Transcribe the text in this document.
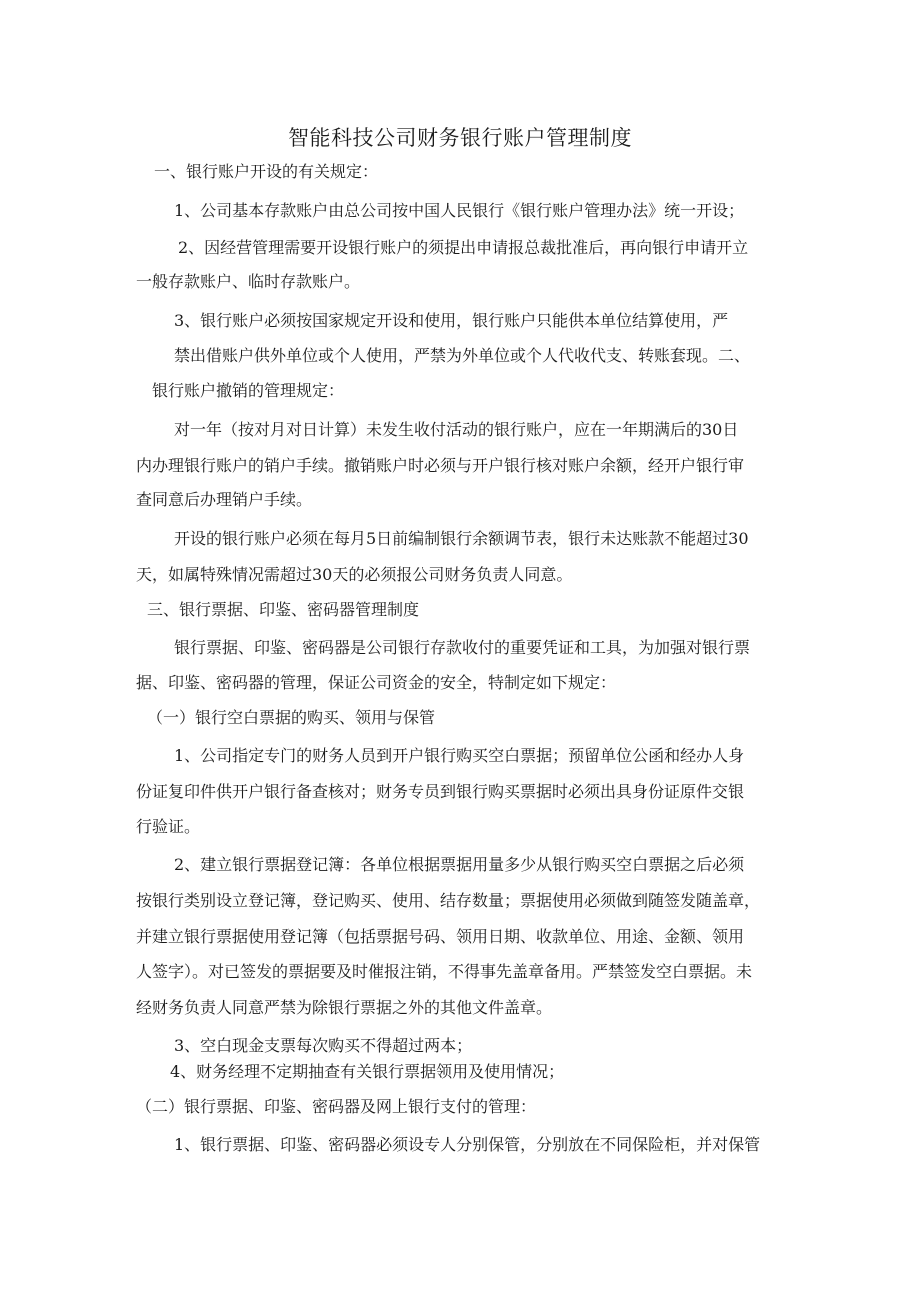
智能科技公司财务银行账户管理制度
一、银行账户开设的有关规定：
1、公司基本存款账户由总公司按中国人民银行《银行账户管理办法》统一开设；
2、因经营管理需要开设银行账户的须提出申请报总裁批准后，再向银行申请开立
一般存款账户、临时存款账户。
3、银行账户必须按国家规定开设和使用，银行账户只能供本单位结算使用，严
禁出借账户供外单位或个人使用，严禁为外单位或个人代收代支、转账套现。二、
银行账户撤销的管理规定：
对一年（按对月对日计算）未发生收付活动的银行账户，应在一年期满后的30日
内办理银行账户的销户手续。撤销账户时必须与开户银行核对账户余额，经开户银行审
查同意后办理销户手续。
开设的银行账户必须在每月5日前编制银行余额调节表，银行未达账款不能超过30
天，如属特殊情况需超过30天的必须报公司财务负责人同意。
三、银行票据、印鉴、密码器管理制度
银行票据、印鉴、密码器是公司银行存款收付的重要凭证和工具，为加强对银行票
据、印鉴、密码器的管理，保证公司资金的安全，特制定如下规定：
（一）银行空白票据的购买、领用与保管
1、公司指定专门的财务人员到开户银行购买空白票据；预留单位公函和经办人身
份证复印件供开户银行备查核对；财务专员到银行购买票据时必须出具身份证原件交银
行验证。
2、建立银行票据登记簿：各单位根据票据用量多少从银行购买空白票据之后必须
按银行类别设立登记簿，登记购买、使用、结存数量；票据使用必须做到随签发随盖章，
并建立银行票据使用登记簿（包括票据号码、领用日期、收款单位、用途、金额、领用
人签字）。对已签发的票据要及时催报注销，不得事先盖章备用。严禁签发空白票据。未
经财务负责人同意严禁为除银行票据之外的其他文件盖章。
3、空白现金支票每次购买不得超过两本；
4、财务经理不定期抽查有关银行票据领用及使用情况；
（二）银行票据、印鉴、密码器及网上银行支付的管理：
1、银行票据、印鉴、密码器必须设专人分别保管，分别放在不同保险柜，并对保管
